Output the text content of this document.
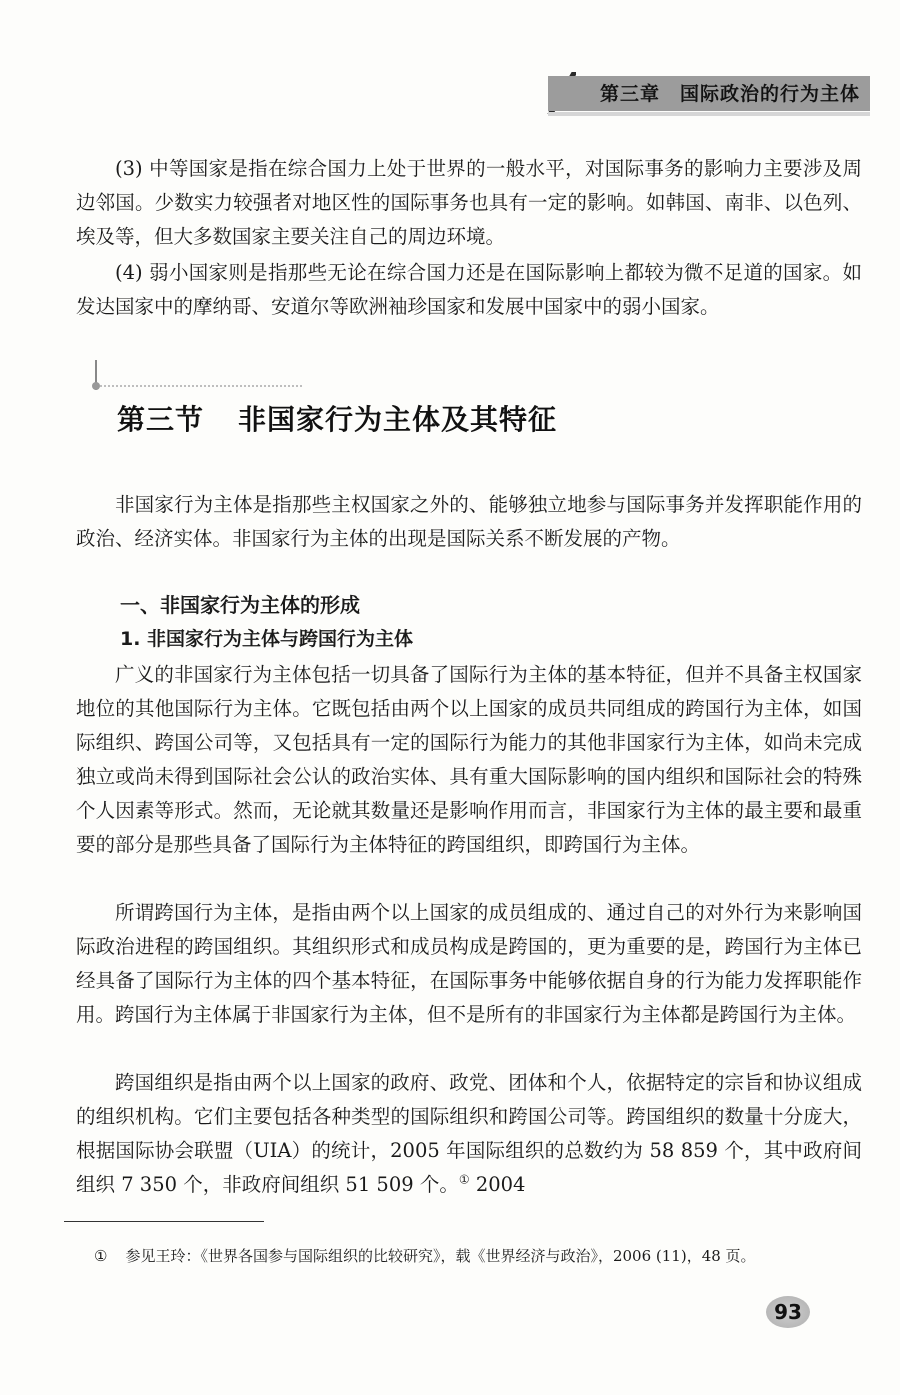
第三章 国际政治的行为主体

(3) 中等国家是指在综合国力上处于世界的一般水平，对国际事务的影响力主要涉及周边邻国。少数实力较强者对地区性的国际事务也具有一定的影响。如韩国、南非、以色列、埃及等，但大多数国家主要关注自己的周边环境。

(4) 弱小国家则是指那些无论在综合国力还是在国际影响上都较为微不足道的国家。如发达国家中的摩纳哥、安道尔等欧洲袖珍国家和发展中国家中的弱小国家。

第三节 非国家行为主体及其特征

非国家行为主体是指那些主权国家之外的、能够独立地参与国际事务并发挥职能作用的政治、经济实体。非国家行为主体的出现是国际关系不断发展的产物。

一、非国家行为主体的形成
1. 非国家行为主体与跨国行为主体

广义的非国家行为主体包括一切具备了国际行为主体的基本特征，但并不具备主权国家地位的其他国际行为主体。它既包括由两个以上国家的成员共同组成的跨国行为主体，如国际组织、跨国公司等，又包括具有一定的国际行为能力的其他非国家行为主体，如尚未完成独立或尚未得到国际社会公认的政治实体、具有重大国际影响的国内组织和国际社会的特殊个人因素等形式。然而，无论就其数量还是影响作用而言，非国家行为主体的最主要和最重要的部分是那些具备了国际行为主体特征的跨国组织，即跨国行为主体。

所谓跨国行为主体，是指由两个以上国家的成员组成的、通过自己的对外行为来影响国际政治进程的跨国组织。其组织形式和成员构成是跨国的，更为重要的是，跨国行为主体已经具备了国际行为主体的四个基本特征，在国际事务中能够依据自身的行为能力发挥职能作用。跨国行为主体属于非国家行为主体，但不是所有的非国家行为主体都是跨国行为主体。

跨国组织是指由两个以上国家的政府、政党、团体和个人，依据特定的宗旨和协议组成的组织机构。它们主要包括各种类型的国际组织和跨国公司等。跨国组织的数量十分庞大，根据国际协会联盟（UIA）的统计，2005 年国际组织的总数约为 58 859 个，其中政府间组织 7 350 个，非政府间组织 51 509 个。① 2004

① 参见王玲：《世界各国参与国际组织的比较研究》，载《世界经济与政治》，2006 (11)，48 页。
93
